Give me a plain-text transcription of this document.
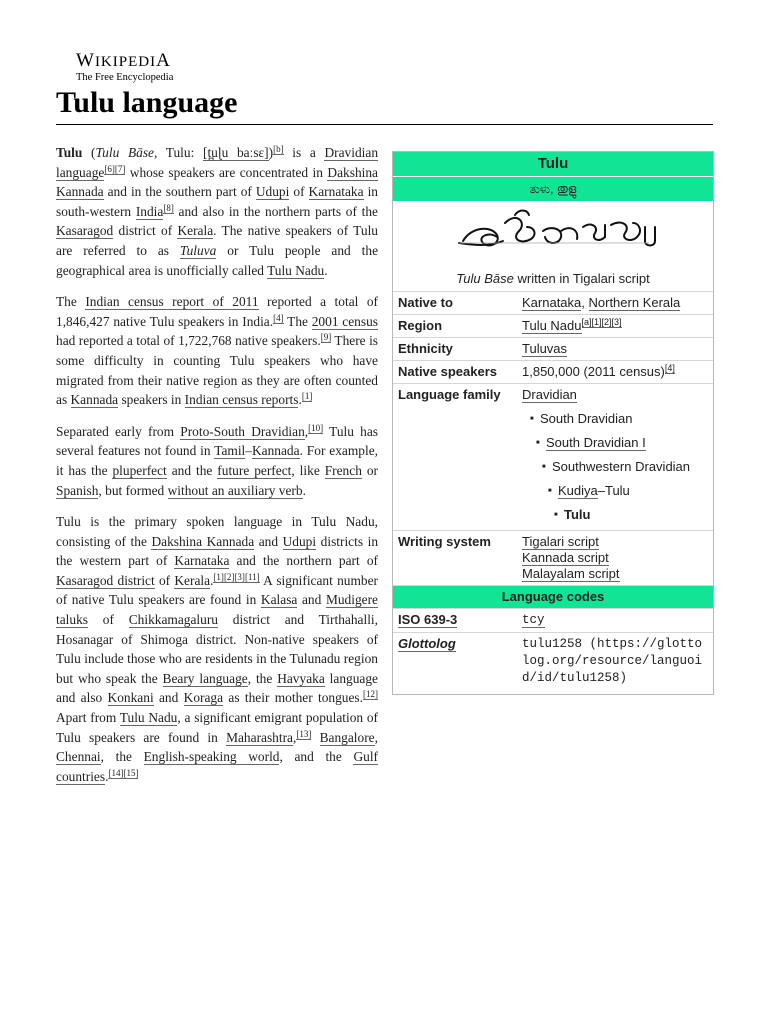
WIKIPEDIA
The Free Encyclopedia
Tulu language

Tulu (Tulu Bāse, Tulu: [t̪uɭu baːsɛ])[b] is a Dravidian language[6][7] whose speakers are concentrated in Dakshina Kannada and in the southern part of Udupi of Karnataka in south-western India[8] and also in the northern parts of the Kasaragod district of Kerala. The native speakers of Tulu are referred to as Tuluva or Tulu people and the geographical area is unofficially called Tulu Nadu.

The Indian census report of 2011 reported a total of 1,846,427 native Tulu speakers in India.[4] The 2001 census had reported a total of 1,722,768 native speakers.[9] There is some difficulty in counting Tulu speakers who have migrated from their native region as they are often counted as Kannada speakers in Indian census reports.[1]

Separated early from Proto-South Dravidian,[10] Tulu has several features not found in Tamil–Kannada. For example, it has the pluperfect and the future perfect, like French or Spanish, but formed without an auxiliary verb.

Tulu is the primary spoken language in Tulu Nadu, consisting of the Dakshina Kannada and Udupi districts in the western part of Karnataka and the northern part of Kasaragod district of Kerala.[1][2][3][11] A significant number of native Tulu speakers are found in Kalasa and Mudigere taluks of Chikkamagaluru district and Tirthahalli, Hosanagar of Shimoga district. Non-native speakers of Tulu include those who are residents in the Tulunadu region but who speak the Beary language, the Havyaka language and also Konkani and Koraga as their mother tongues.[12] Apart from Tulu Nadu, a significant emigrant population of Tulu speakers are found in Maharashtra,[13] Bangalore, Chennai, the English-speaking world, and the Gulf countries.[14][15]

Tulu
ತುಳು, തുളു
Tulu Bāse written in Tigalari script
Native to	Karnataka, Northern Kerala
Region	Tulu Nadu[a][1][2][3]
Ethnicity	Tuluvas
Native speakers	1,850,000 (2011 census)[4]
Language family	Dravidian
■ South Dravidian
■ South Dravidian I
■ Southwestern Dravidian
■ Kudiya–Tulu
■ Tulu
Writing system	Tigalari script
Kannada script
Malayalam script
Language codes
ISO 639-3	tcy
Glottolog	tulu1258 (https://glottolog.org/resource/languoid/id/tulu1258)
